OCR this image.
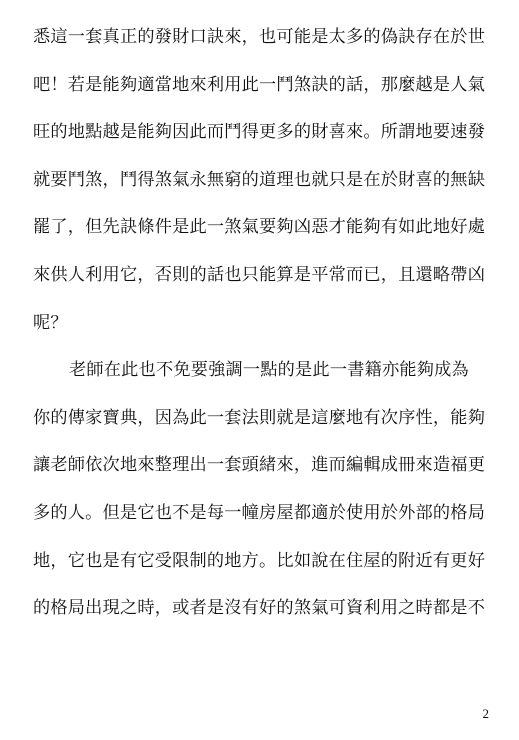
悉這一套真正的發財口訣來，也可能是太多的偽訣存在於世
吧！若是能夠適當地來利用此一鬥煞訣的話，那麼越是人氣
旺的地點越是能夠因此而鬥得更多的財喜來。所謂地要速發
就要鬥煞，鬥得煞氣永無窮的道理也就只是在於財喜的無缺
罷了，但先訣條件是此一煞氣要夠凶惡才能夠有如此地好處
來供人利用它，否則的話也只能算是平常而已，且還略帶凶
呢？
老師在此也不免要強調一點的是此一書籍亦能夠成為
你的傳家寶典，因為此一套法則就是這麼地有次序性，能夠
讓老師依次地來整理出一套頭緒來，進而編輯成冊來造福更
多的人。但是它也不是每一幢房屋都適於使用於外部的格局
地，它也是有它受限制的地方。比如說在住屋的附近有更好
的格局出現之時，或者是沒有好的煞氣可資利用之時都是不
2
